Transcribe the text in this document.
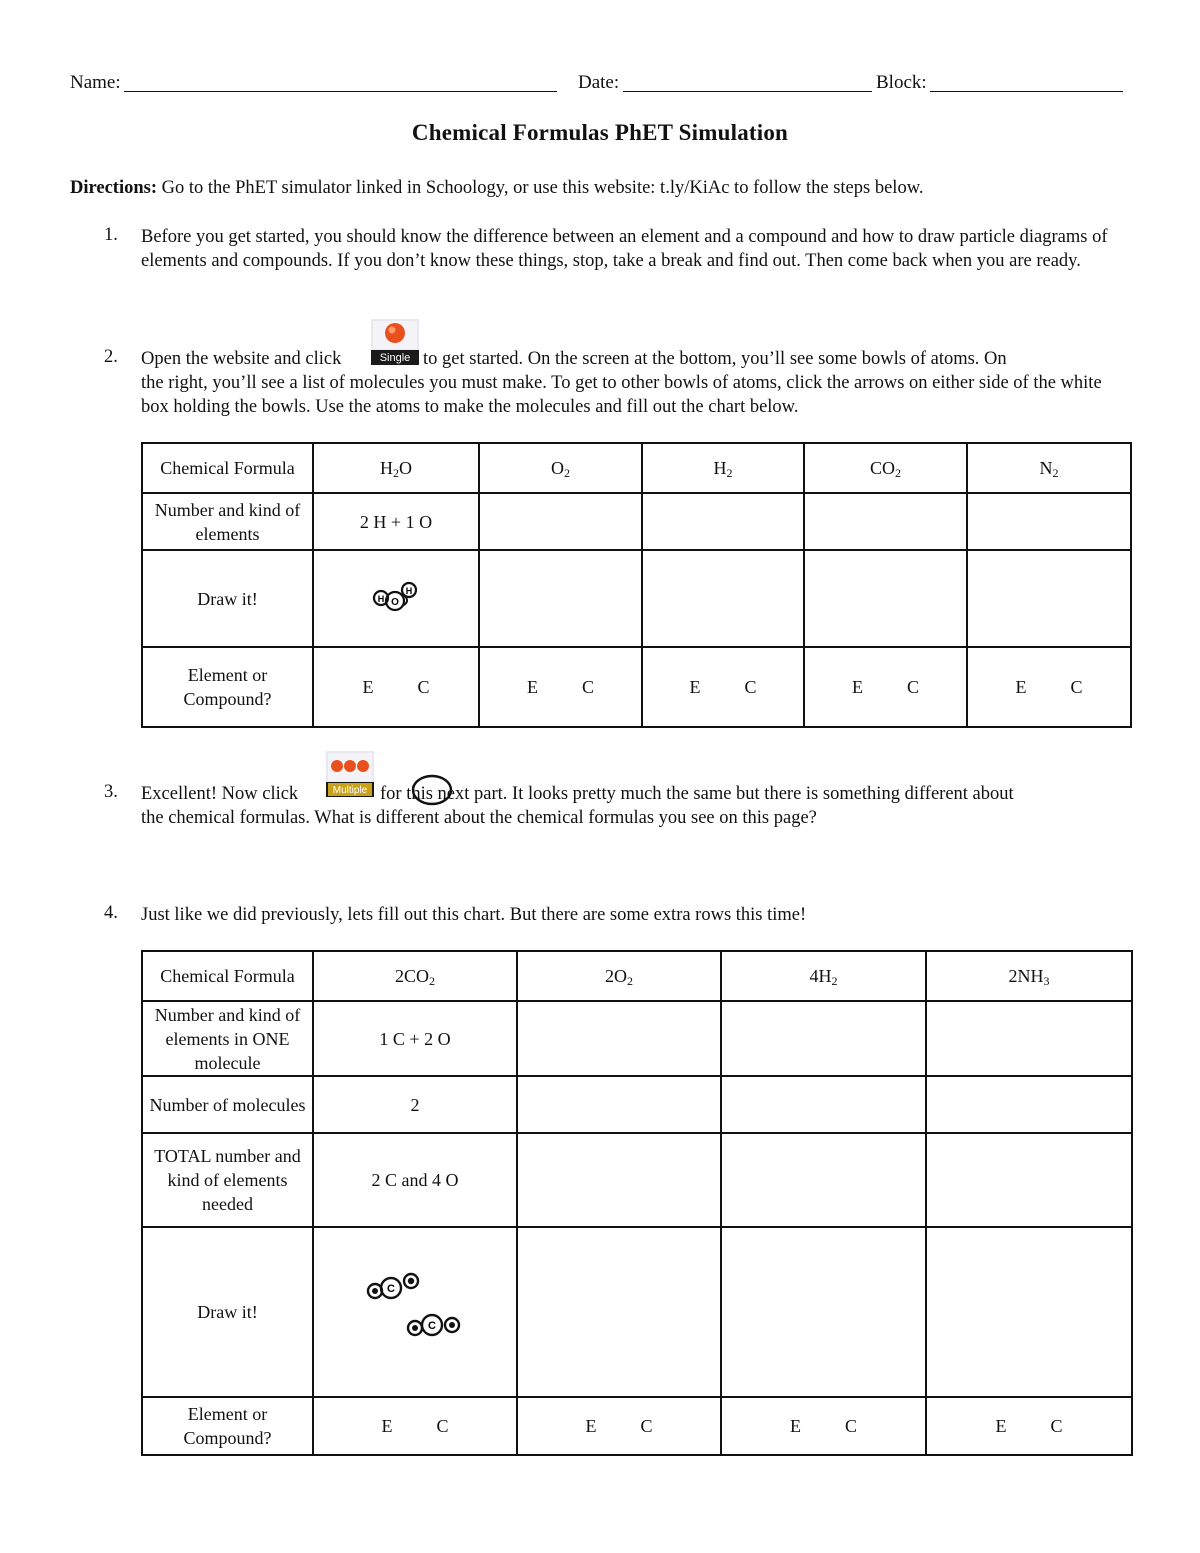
Name:	Date:	Block:
Chemical Formulas PhET Simulation
Directions: Go to the PhET simulator linked in Schoology, or use this website: t.ly/KiAc to follow the steps below.
1. Before you get started, you should know the difference between an element and a compound and how to draw particle diagrams of elements and compounds. If you don’t know these things, stop, take a break and find out. Then come back when you are ready.
2. Open the website and click	Single to get started. On the screen at the bottom, you’ll see some bowls of atoms. On
the right, you’ll see a list of molecules you must make. To get to other bowls of atoms, click the arrows on either side of the white box holding the bowls. Use the atoms to make the molecules and fill out the chart below.
Chemical Formula	$H_2O$	$O_2$	$H_2$	$CO_2$	$N_2$
Number and kind of elements	2 H + 1 O				
Draw it!	H O
H				

Element or Compound?	E C	E C	E C	E C	E C
3. Excellent! Now click	Multiple for this next part. It looks pretty much the same but there is something different about
the chemical formulas. What is different about the chemical formulas you see on this page?
4. Just like we did previously, lets fill out this chart. But there are some extra rows this time!
Chemical Formula	$2CO_2$	$2O_2$	$4H_2$	$2NH_3$
Number and kind of elements in ONE molecule	1 C + 2 O			
Number of molecules	2			
TOTAL number and kind of elements needed	2 C and 4 O			
Draw it!	C
C			

Element or Compound?	E C	E C	E C	E C
